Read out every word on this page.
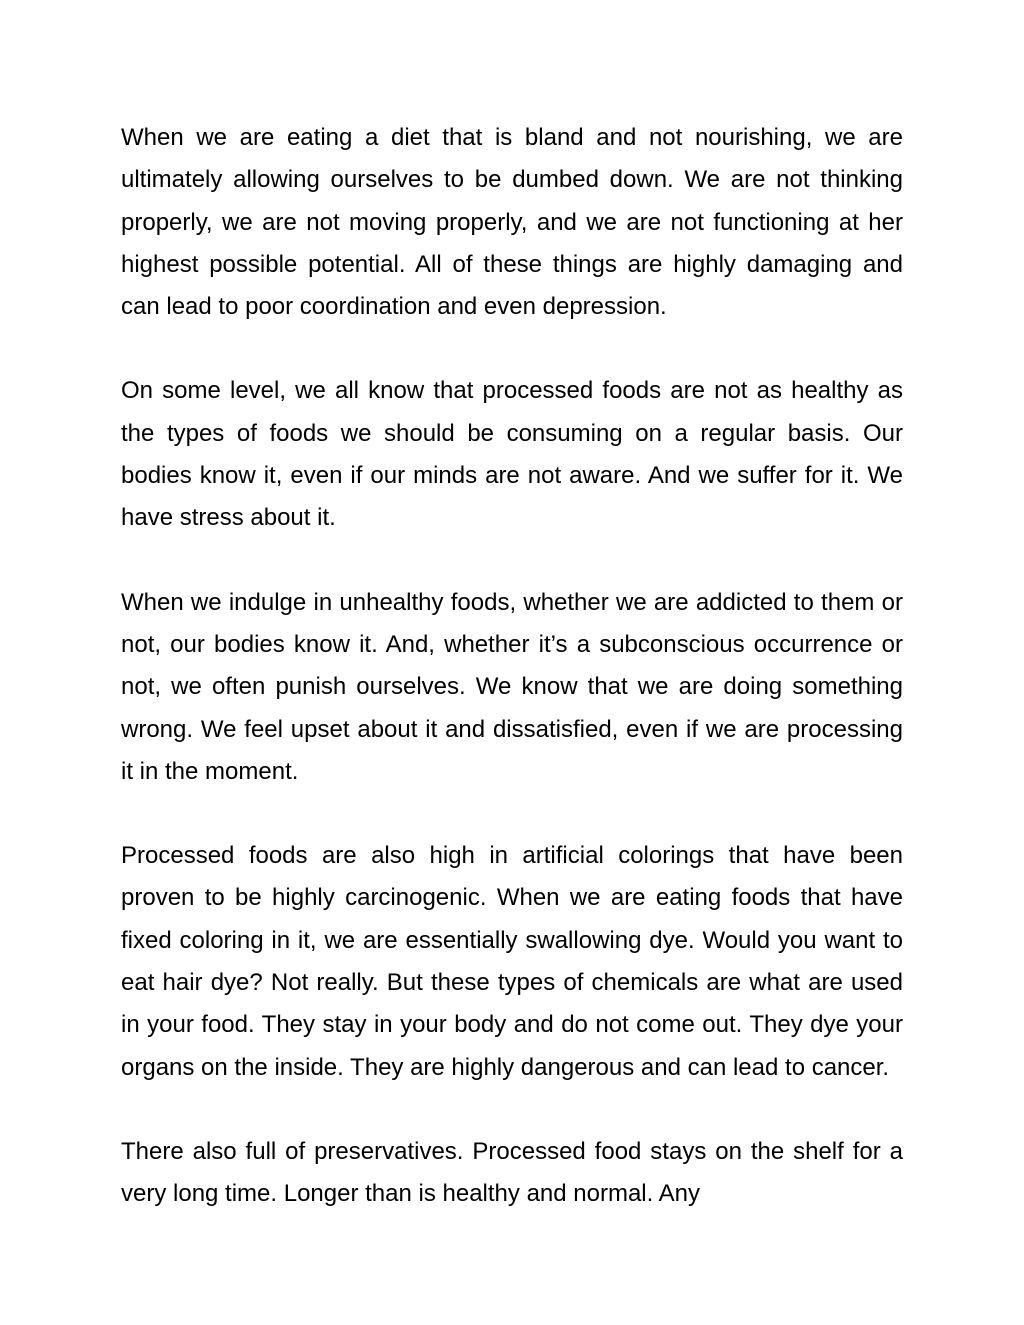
When we are eating a diet that is bland and not nourishing, we are ultimately allowing ourselves to be dumbed down. We are not thinking properly, we are not moving properly, and we are not functioning at her highest possible potential. All of these things are highly damaging and can lead to poor coordination and even depression.

On some level, we all know that processed foods are not as healthy as the types of foods we should be consuming on a regular basis. Our bodies know it, even if our minds are not aware. And we suffer for it. We have stress about it.

When we indulge in unhealthy foods, whether we are addicted to them or not, our bodies know it. And, whether it’s a subconscious occurrence or not, we often punish ourselves. We know that we are doing something wrong. We feel upset about it and dissatisfied, even if we are processing it in the moment.

Processed foods are also high in artificial colorings that have been proven to be highly carcinogenic. When we are eating foods that have fixed coloring in it, we are essentially swallowing dye. Would you want to eat hair dye? Not really. But these types of chemicals are what are used in your food. They stay in your body and do not come out. They dye your organs on the inside. They are highly dangerous and can lead to cancer.

There also full of preservatives. Processed food stays on the shelf for a very long time. Longer than is healthy and normal. Any
